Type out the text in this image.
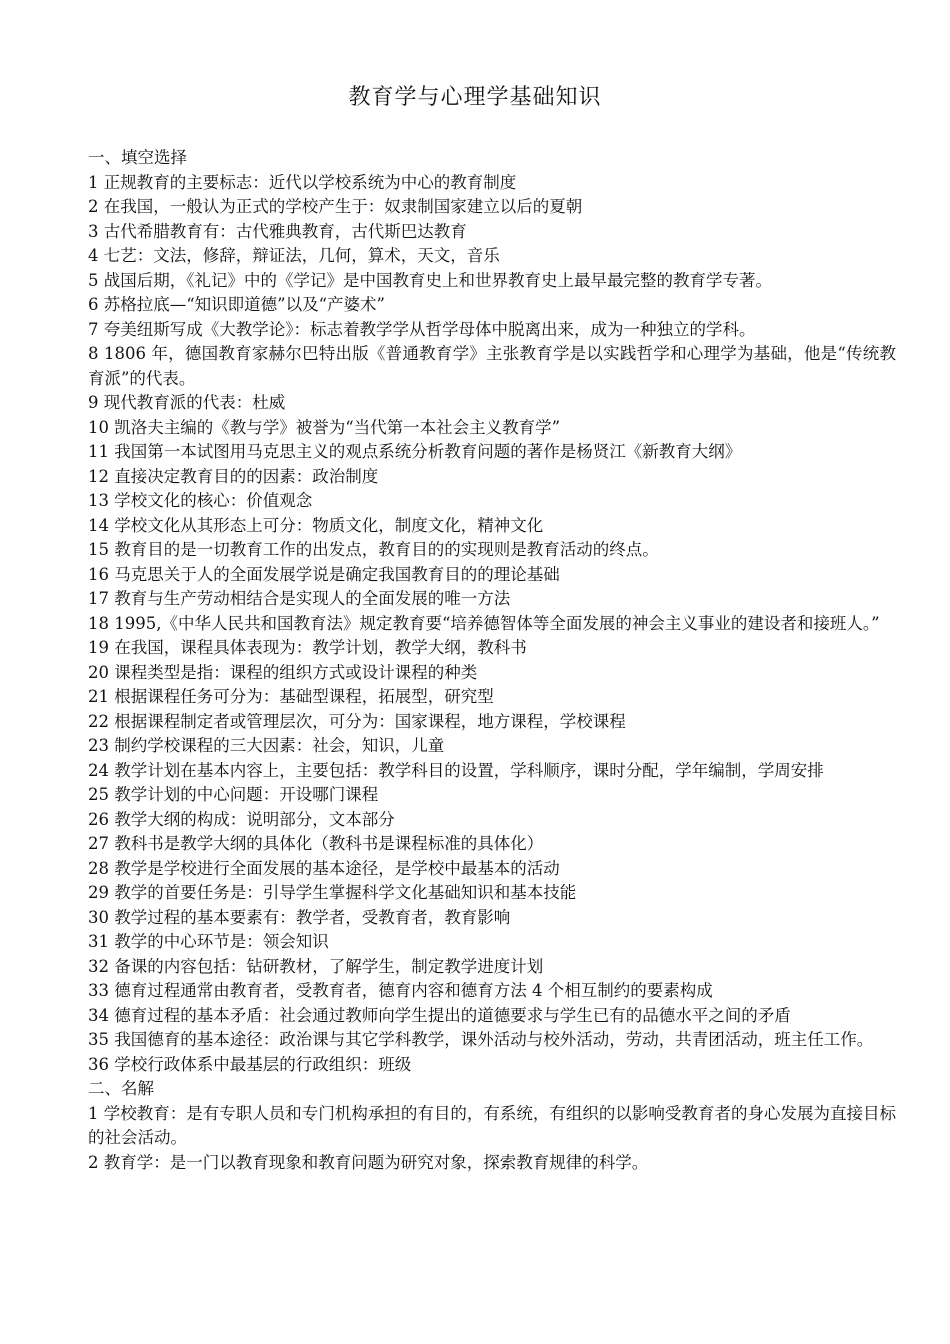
教育学与心理学基础知识
一、填空选择
1 正规教育的主要标志：近代以学校系统为中心的教育制度
2 在我国，一般认为正式的学校产生于：奴隶制国家建立以后的夏朝
3 古代希腊教育有：古代雅典教育，古代斯巴达教育
4 七艺：文法，修辞，辩证法，几何，算术，天文，音乐
5 战国后期，《礼记》中的《学记》是中国教育史上和世界教育史上最早最完整的教育学专著。
6 苏格拉底—“知识即道德”以及“产婆术”
7 夸美纽斯写成《大教学论》：标志着教学学从哲学母体中脱离出来，成为一种独立的学科。
8 1806 年，德国教育家赫尔巴特出版《普通教育学》主张教育学是以实践哲学和心理学为基础，他是“传统教育派”的代表。
9 现代教育派的代表：杜威
10 凯洛夫主编的《教与学》被誉为“当代第一本社会主义教育学”
11 我国第一本试图用马克思主义的观点系统分析教育问题的著作是杨贤江《新教育大纲》
12 直接决定教育目的的因素：政治制度
13 学校文化的核心：价值观念
14 学校文化从其形态上可分：物质文化，制度文化，精神文化
15 教育目的是一切教育工作的出发点，教育目的的实现则是教育活动的终点。
16 马克思关于人的全面发展学说是确定我国教育目的的理论基础
17 教育与生产劳动相结合是实现人的全面发展的唯一方法
18 1995,《中华人民共和国教育法》规定教育要“培养德智体等全面发展的神会主义事业的建设者和接班人。”
19 在我国，课程具体表现为：教学计划，教学大纲，教科书
20 课程类型是指：课程的组织方式或设计课程的种类
21 根据课程任务可分为：基础型课程，拓展型，研究型
22 根据课程制定者或管理层次，可分为：国家课程，地方课程，学校课程
23 制约学校课程的三大因素：社会，知识，儿童
24 教学计划在基本内容上，主要包括：教学科目的设置，学科顺序，课时分配，学年编制，学周安排
25 教学计划的中心问题：开设哪门课程
26 教学大纲的构成：说明部分，文本部分
27 教科书是教学大纲的具体化（教科书是课程标准的具体化）
28 教学是学校进行全面发展的基本途径，是学校中最基本的活动
29 教学的首要任务是：引导学生掌握科学文化基础知识和基本技能
30 教学过程的基本要素有：教学者，受教育者，教育影响
31 教学的中心环节是：领会知识
32 备课的内容包括：钻研教材，了解学生，制定教学进度计划
33 德育过程通常由教育者，受教育者，德育内容和德育方法 4 个相互制约的要素构成
34 德育过程的基本矛盾：社会通过教师向学生提出的道德要求与学生已有的品德水平之间的矛盾
35 我国德育的基本途径：政治课与其它学科教学，课外活动与校外活动，劳动，共青团活动，班主任工作。
36 学校行政体系中最基层的行政组织：班级
二、名解
1 学校教育：是有专职人员和专门机构承担的有目的，有系统，有组织的以影响受教育者的身心发展为直接目标的社会活动。
2 教育学：是一门以教育现象和教育问题为研究对象，探索教育规律的科学。
